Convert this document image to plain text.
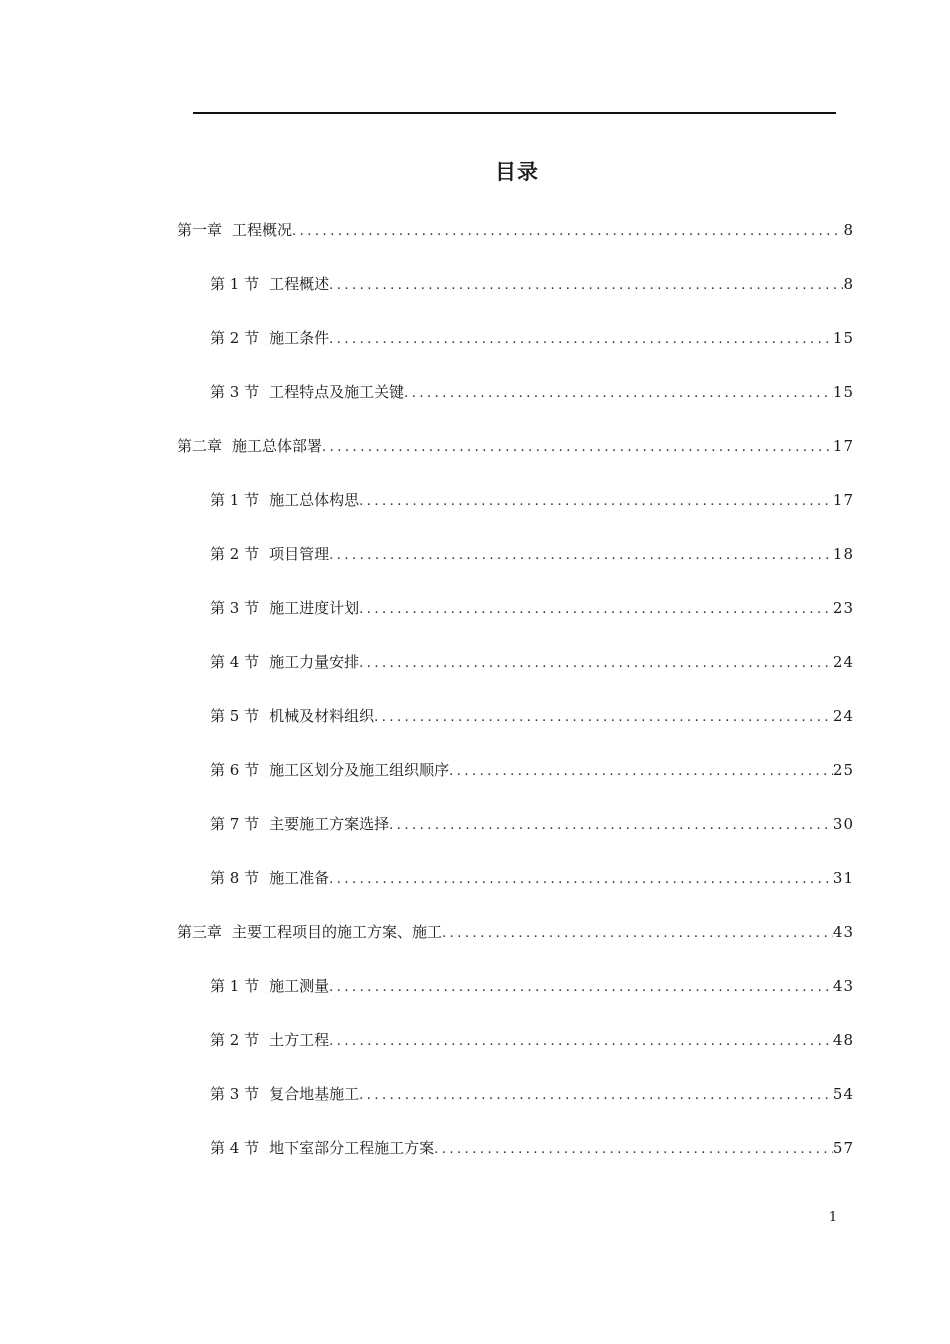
目录
第一章 工程概况 .....	8
第 1 节 工程概述 .....	8
第 2 节 施工条件 .....	15
第 3 节 工程特点及施工关键 .....	15
第二章 施工总体部署 .....	17
第 1 节 施工总体构思 .....	17
第 2 节 项目管理 .....	18
第 3 节 施工进度计划 .....	23
第 4 节 施工力量安排 .....	24
第 5 节 机械及材料组织 .....	24
第 6 节 施工区划分及施工组织顺序 .....	25
第 7 节 主要施工方案选择 .....	30
第 8 节 施工准备 .....	31
第三章 主要工程项目的施工方案、施工 .....	43
第 1 节 施工测量 .....	43
第 2 节 土方工程 .....	48
第 3 节 复合地基施工 .....	54
第 4 节 地下室部分工程施工方案 .....	57
1
